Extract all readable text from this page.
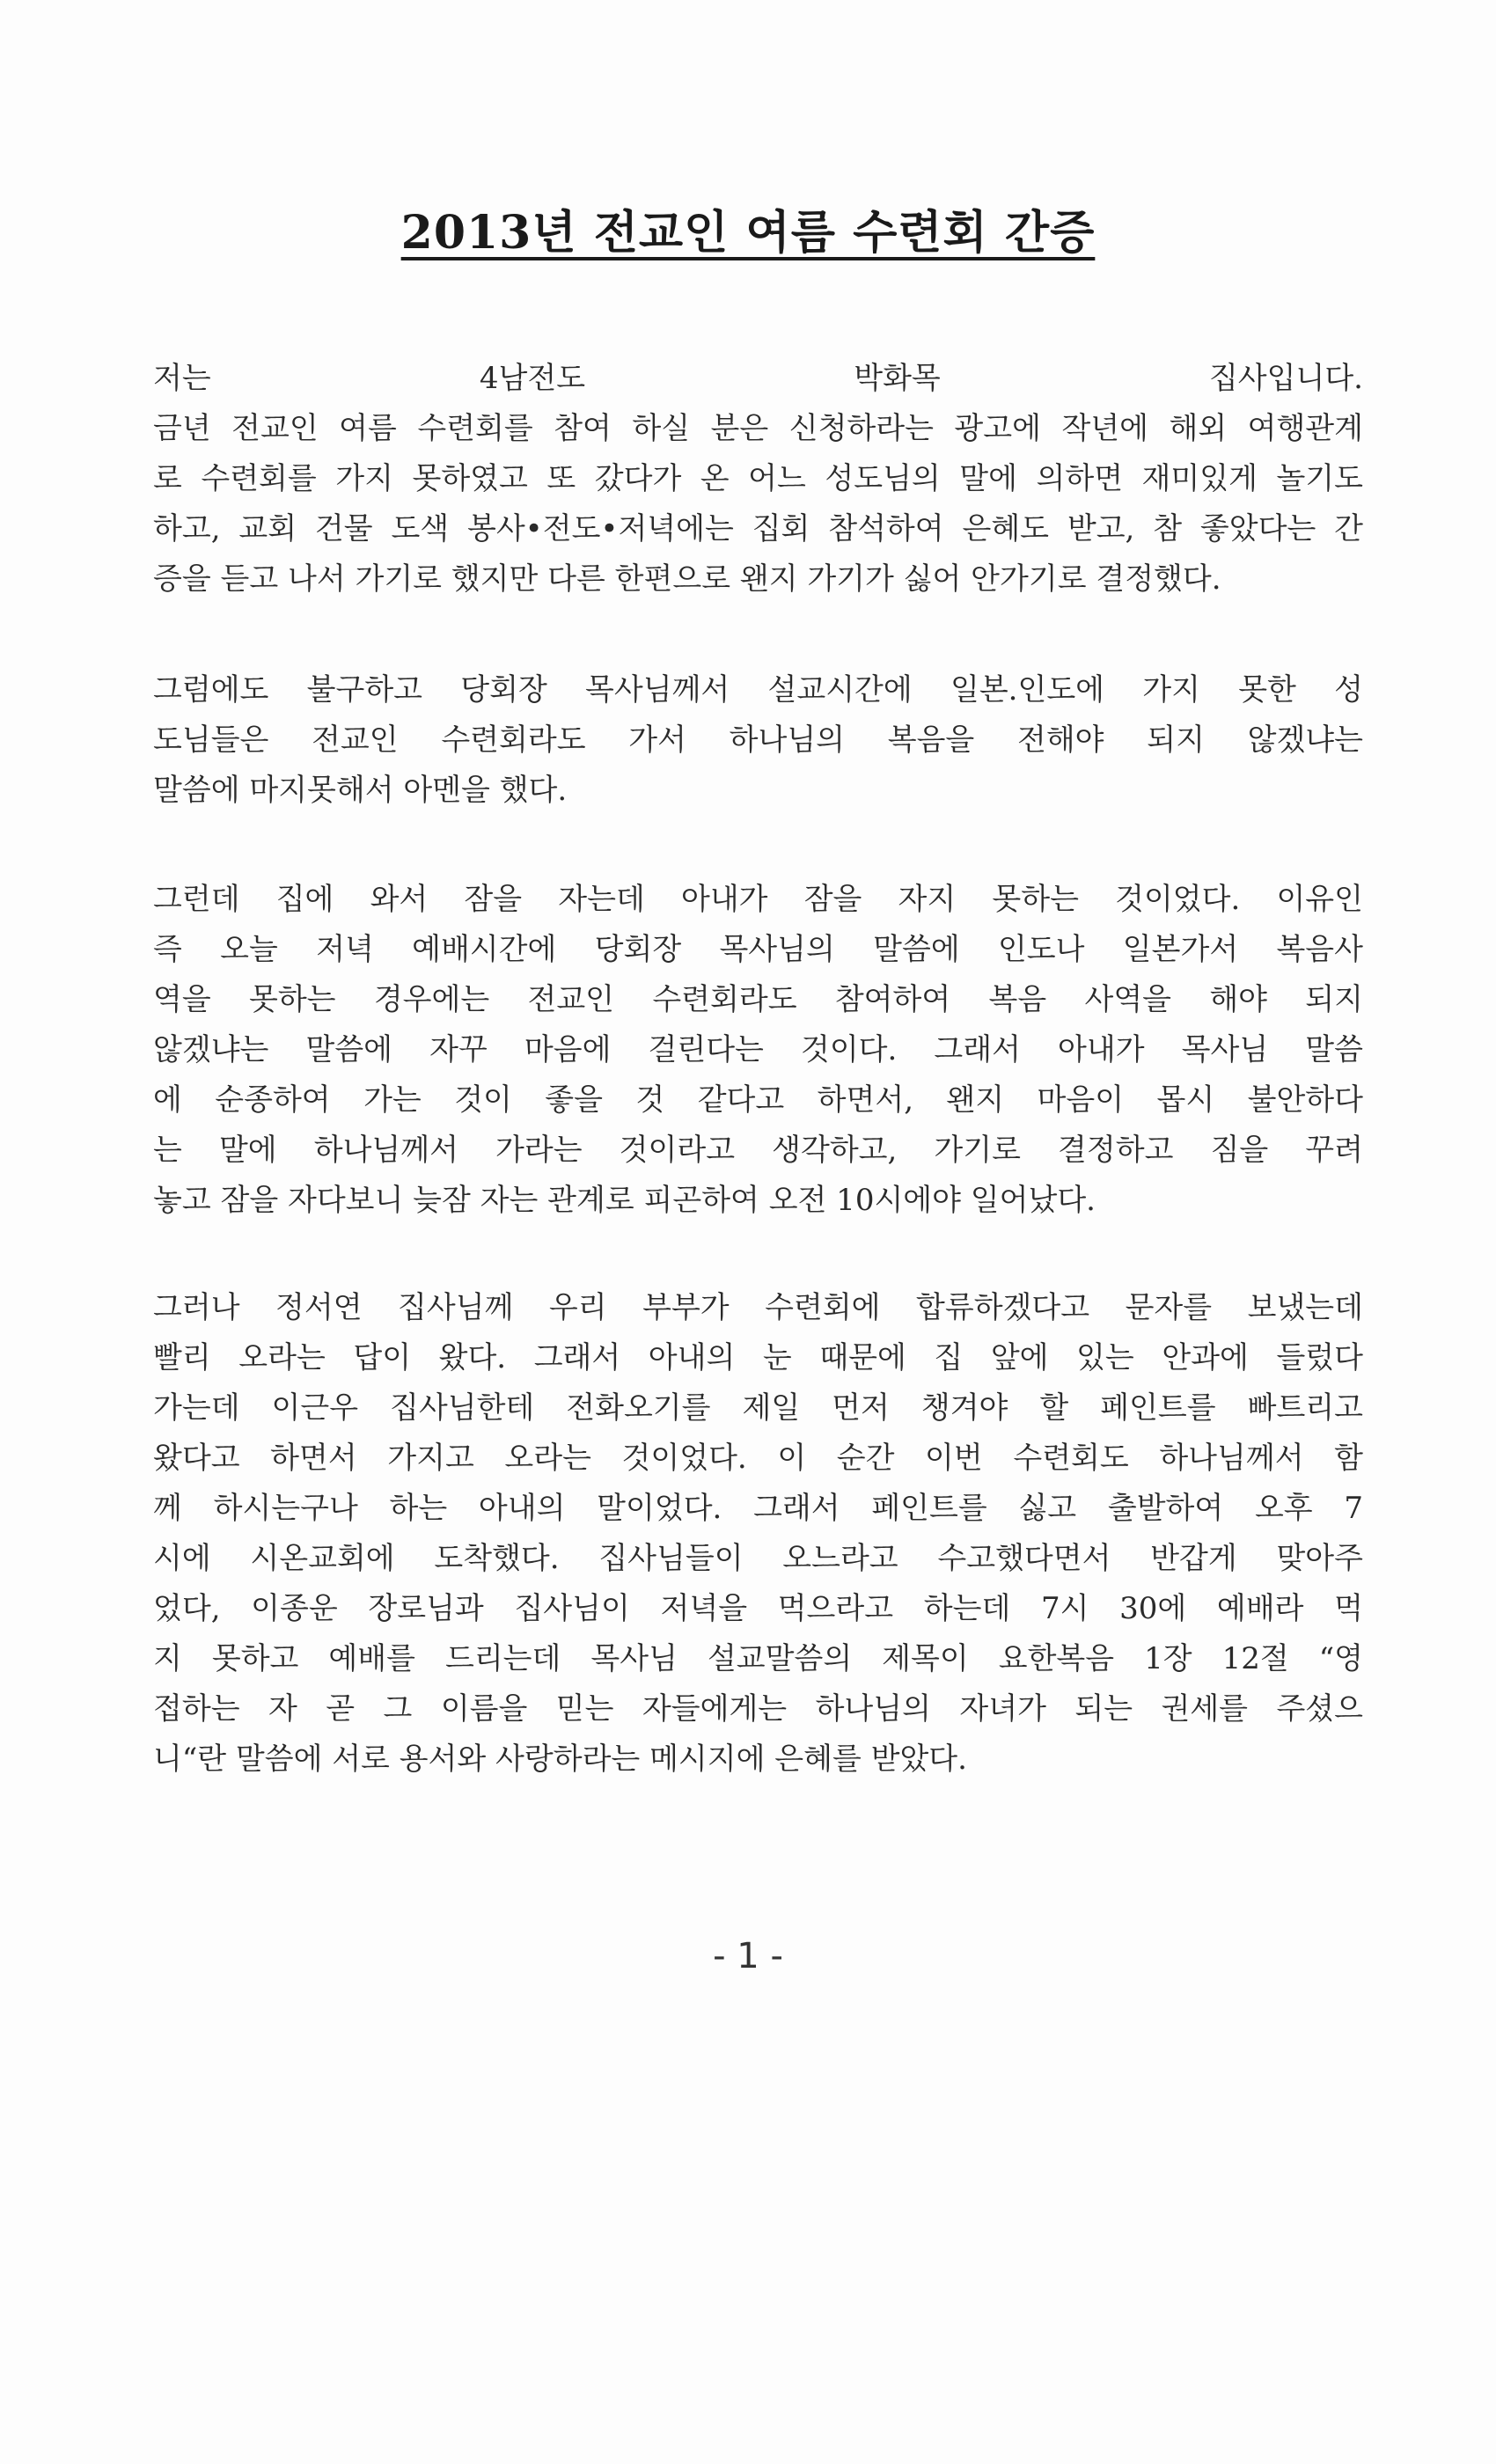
2013년 전교인 여름 수련회 간증
저는 4남전도 박화목 집사입니다.
금년 전교인 여름 수련회를 참여 하실 분은 신청하라는 광고에 작년에 해외 여행관계
로 수련회를 가지 못하였고 또 갔다가 온 어느 성도님의 말에 의하면 재미있게 놀기도
하고, 교회 건물 도색 봉사•전도•저녁에는 집회 참석하여 은혜도 받고, 참 좋았다는 간
증을 듣고 나서 가기로 했지만 다른 한편으로 왠지 가기가 싫어 안가기로 결정했다.
그럼에도 불구하고 당회장 목사님께서 설교시간에 일본.인도에 가지 못한 성
도님들은 전교인 수련회라도 가서 하나님의 복음을 전해야 되지 않겠냐는
말씀에 마지못해서 아멘을 했다.
그런데 집에 와서 잠을 자는데 아내가 잠을 자지 못하는 것이었다. 이유인
즉 오늘 저녁 예배시간에 당회장 목사님의 말씀에 인도나 일본가서 복음사
역을 못하는 경우에는 전교인 수련회라도 참여하여 복음 사역을 해야 되지
않겠냐는 말씀에 자꾸 마음에 걸린다는 것이다. 그래서 아내가 목사님 말씀
에 순종하여 가는 것이 좋을 것 같다고 하면서, 왠지 마음이 몹시 불안하다
는 말에 하나님께서 가라는 것이라고 생각하고, 가기로 결정하고 짐을 꾸려
놓고 잠을 자다보니 늦잠 자는 관계로 피곤하여 오전 10시에야 일어났다.
그러나 정서연 집사님께 우리 부부가 수련회에 합류하겠다고 문자를 보냈는데
빨리 오라는 답이 왔다. 그래서 아내의 눈 때문에 집 앞에 있는 안과에 들렀다
가는데 이근우 집사님한테 전화오기를 제일 먼저 챙겨야 할 페인트를 빠트리고
왔다고 하면서 가지고 오라는 것이었다. 이 순간 이번 수련회도 하나님께서 함
께 하시는구나 하는 아내의 말이었다. 그래서 페인트를 싫고 출발하여 오후 7
시에 시온교회에 도착했다. 집사님들이 오느라고 수고했다면서 반갑게 맞아주
었다, 이종운 장로님과 집사님이 저녁을 먹으라고 하는데 7시 30에 예배라 먹
지 못하고 예배를 드리는데 목사님 설교말씀의 제목이 요한복음 1장 12절 “영
접하는 자 곧 그 이름을 믿는 자들에게는 하나님의 자녀가 되는 권세를 주셨으
니“란 말씀에 서로 용서와 사랑하라는 메시지에 은혜를 받았다.
- 1 -
